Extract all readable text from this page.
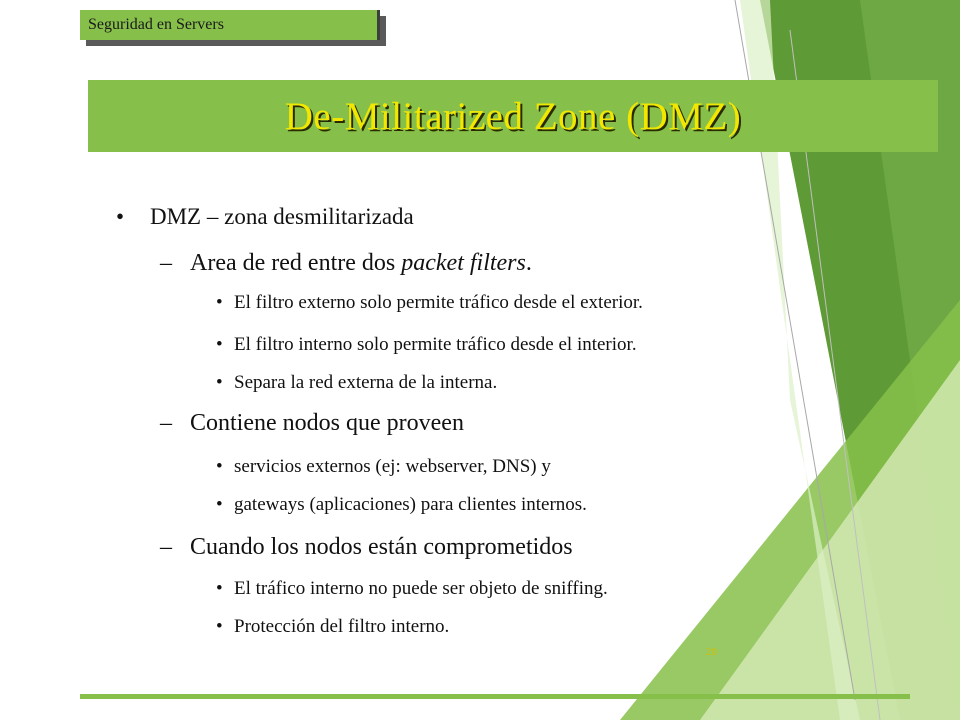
Seguridad en Servers
De-Militarized Zone (DMZ)
• DMZ – zona desmilitarizada
– Area de red entre dos packet filters.
• El filtro externo solo permite tráfico desde el exterior.
• El filtro interno solo permite tráfico desde el interior.
• Separa la red externa de la interna.
– Contiene nodos que proveen
• servicios externos (ej: webserver, DNS) y
• gateways (aplicaciones) para clientes internos.
– Cuando los nodos están comprometidos
• El tráfico interno no puede ser objeto de sniffing.
• Protección del filtro interno.
20
